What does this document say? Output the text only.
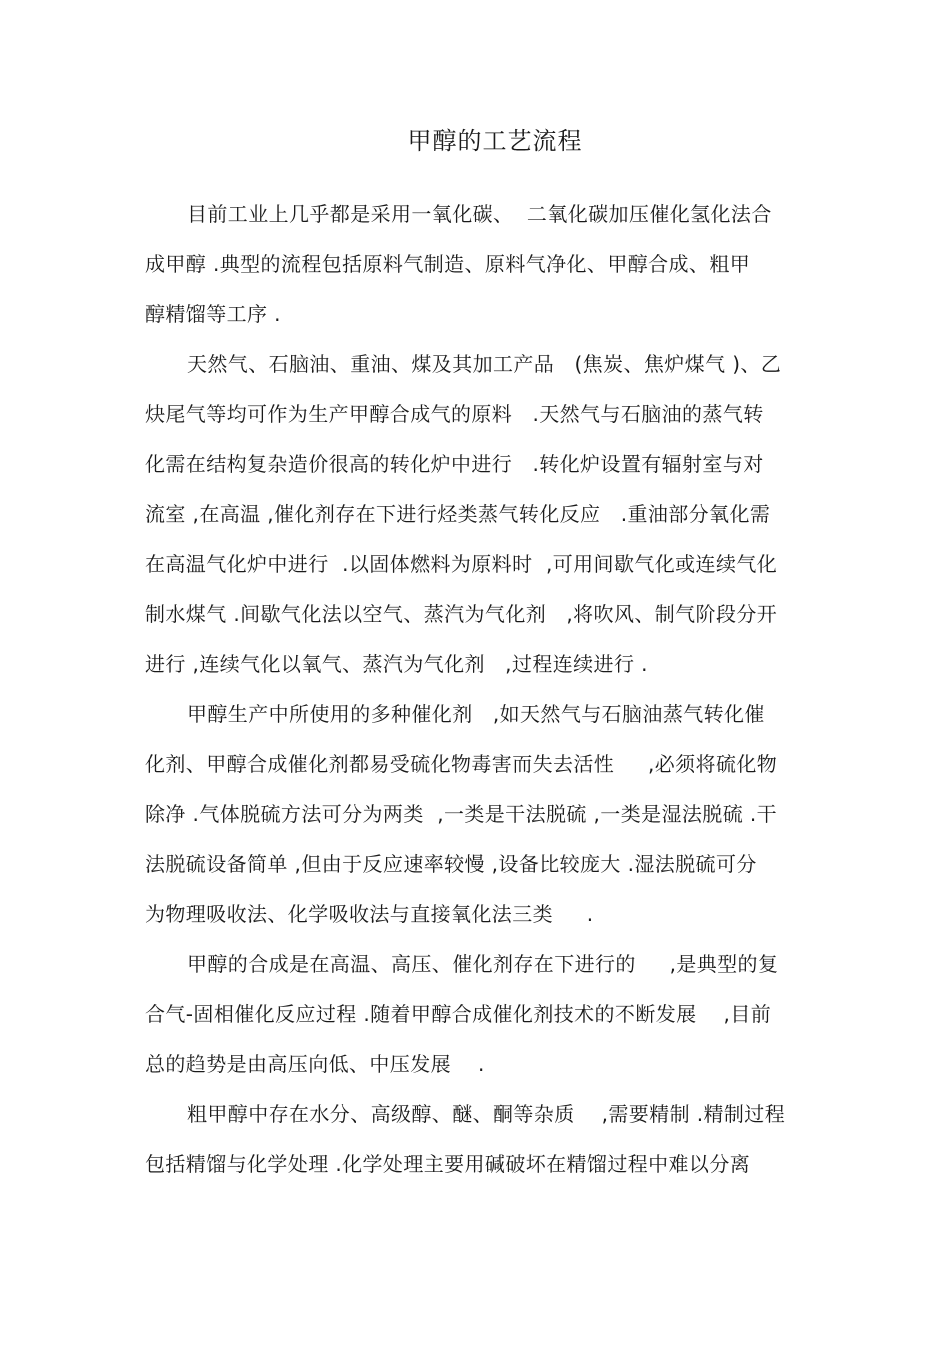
甲醇的工艺流程
目前工业上几乎都是采用一氧化碳、  二氧化碳加压催化氢化法合
成甲醇 .典型的流程包括原料气制造、原料气净化、甲醇合成、粗甲
醇精馏等工序 .
天然气、石脑油、重油、煤及其加工产品   (焦炭、焦炉煤气 )、乙
炔尾气等均可作为生产甲醇合成气的原料   .天然气与石脑油的蒸气转
化需在结构复杂造价很高的转化炉中进行   .转化炉设置有辐射室与对
流室 ,在高温 ,催化剂存在下进行烃类蒸气转化反应   .重油部分氧化需
在高温气化炉中进行  .以固体燃料为原料时  ,可用间歇气化或连续气化
制水煤气 .间歇气化法以空气、蒸汽为气化剂   ,将吹风、制气阶段分开
进行 ,连续气化以氧气、蒸汽为气化剂   ,过程连续进行 .
甲醇生产中所使用的多种催化剂   ,如天然气与石脑油蒸气转化催
化剂、甲醇合成催化剂都易受硫化物毒害而失去活性     ,必须将硫化物
除净 .气体脱硫方法可分为两类  ,一类是干法脱硫 ,一类是湿法脱硫 .干
法脱硫设备简单 ,但由于反应速率较慢 ,设备比较庞大 .湿法脱硫可分
为物理吸收法、化学吸收法与直接氧化法三类     .
甲醇的合成是在高温、高压、催化剂存在下进行的     ,是典型的复
合气-固相催化反应过程 .随着甲醇合成催化剂技术的不断发展    ,目前
总的趋势是由高压向低、中压发展    .
粗甲醇中存在水分、高级醇、醚、酮等杂质    ,需要精制 .精制过程
包括精馏与化学处理 .化学处理主要用碱破坏在精馏过程中难以分离
